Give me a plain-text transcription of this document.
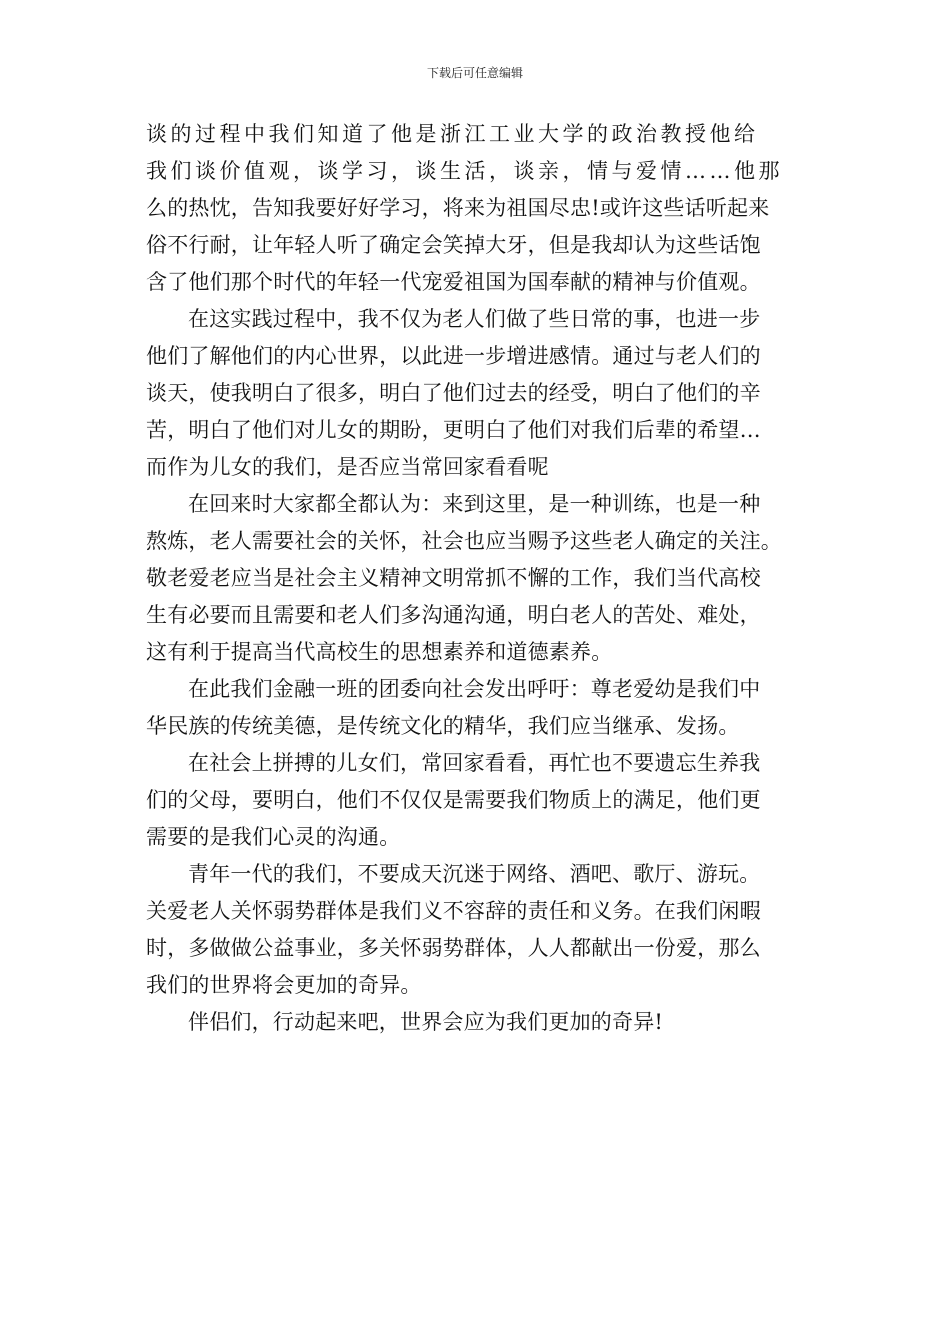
下载后可任意编辑
谈的过程中我们知道了他是浙江工业大学的政治教授他给
我们谈价值观，谈学习，谈生活，谈亲，情与爱情……他那
么的热忱，告知我要好好学习，将来为祖国尽忠!或许这些话听起来
俗不行耐，让年轻人听了确定会笑掉大牙，但是我却认为这些话饱
含了他们那个时代的年轻一代宠爱祖国为国奉献的精神与价值观。
在这实践过程中，我不仅为老人们做了些日常的事，也进一步
他们了解他们的内心世界，以此进一步增进感情。通过与老人们的
谈天，使我明白了很多，明白了他们过去的经受，明白了他们的辛
苦，明白了他们对儿女的期盼，更明白了他们对我们后辈的希望…
而作为儿女的我们，是否应当常回家看看呢
在回来时大家都全都认为：来到这里，是一种训练，也是一种
熬炼，老人需要社会的关怀，社会也应当赐予这些老人确定的关注。
敬老爱老应当是社会主义精神文明常抓不懈的工作，我们当代高校
生有必要而且需要和老人们多沟通沟通，明白老人的苦处、难处，
这有利于提高当代高校生的思想素养和道德素养。
在此我们金融一班的团委向社会发出呼吁：尊老爱幼是我们中
华民族的传统美德，是传统文化的精华，我们应当继承、发扬。
在社会上拼搏的儿女们，常回家看看，再忙也不要遗忘生养我
们的父母，要明白，他们不仅仅是需要我们物质上的满足，他们更
需要的是我们心灵的沟通。
青年一代的我们，不要成天沉迷于网络、酒吧、歌厅、游玩。
关爱老人关怀弱势群体是我们义不容辞的责任和义务。在我们闲暇
时，多做做公益事业，多关怀弱势群体，人人都献出一份爱，那么
我们的世界将会更加的奇异。
伴侣们，行动起来吧，世界会应为我们更加的奇异!
